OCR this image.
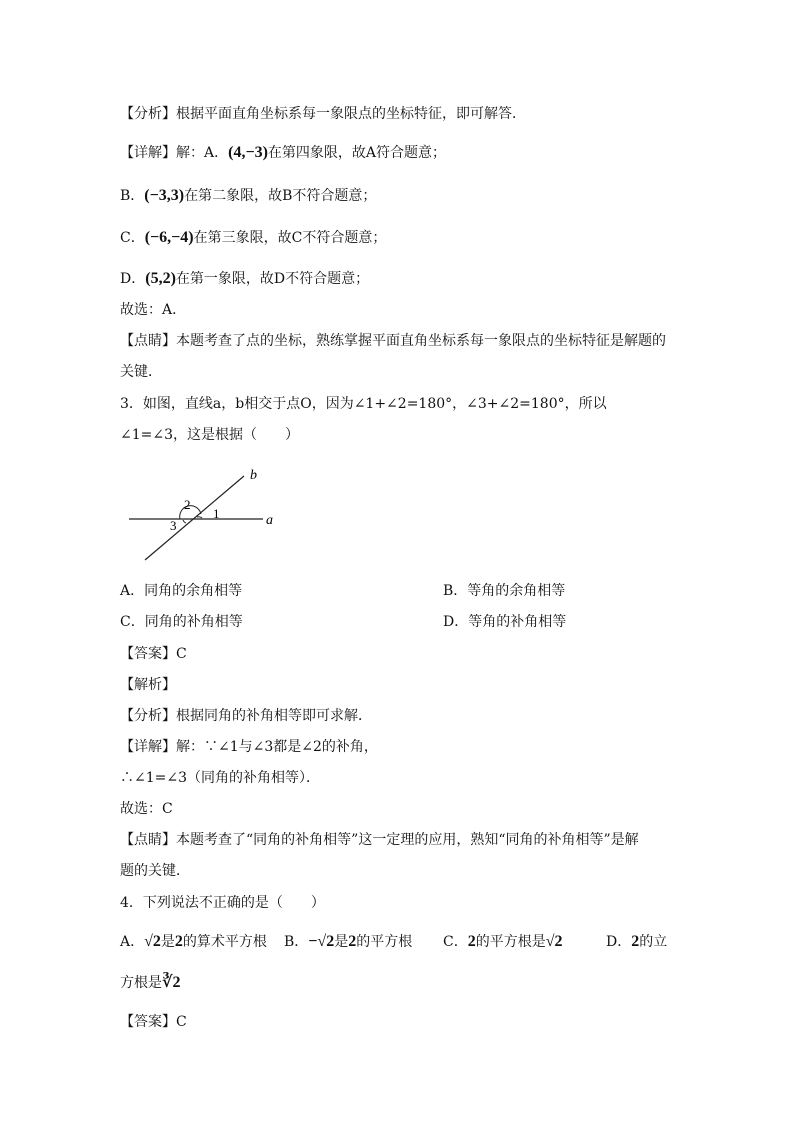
【分析】根据平面直角坐标系每一象限点的坐标特征，即可解答．
【详解】解：A．(4,−3)在第四象限，故A符合题意；
B．(−3,3)在第二象限，故B不符合题意；
C．(−6,−4)在第三象限，故C不符合题意；
D．(5,2)在第一象限，故D不符合题意；
故选：A．
【点睛】本题考查了点的坐标，熟练掌握平面直角坐标系每一象限点的坐标特征是解题的
关键．
3．如图，直线a，b相交于点O，因为∠1+∠2=180°，∠3+∠2=180°，所以
∠1=∠3，这是根据（　　）
b
a
2
1
3
A．同角的余角相等	B．等角的余角相等
C．同角的补角相等	D．等角的补角相等
【答案】C
【解析】
【分析】根据同角的补角相等即可求解．
【详解】解：∵∠1与∠3都是∠2的补角，
∴∠1=∠3（同角的补角相等）．
故选：C
【点睛】本题考查了“同角的补角相等”这一定理的应用，熟知“同角的补角相等”是解
题的关键．
4．下列说法不正确的是（　　）
A．√2是2的算术平方根 B．−√2是2的平方根 C．2的平方根是√2	D．2的立
方根是∛2
【答案】C
